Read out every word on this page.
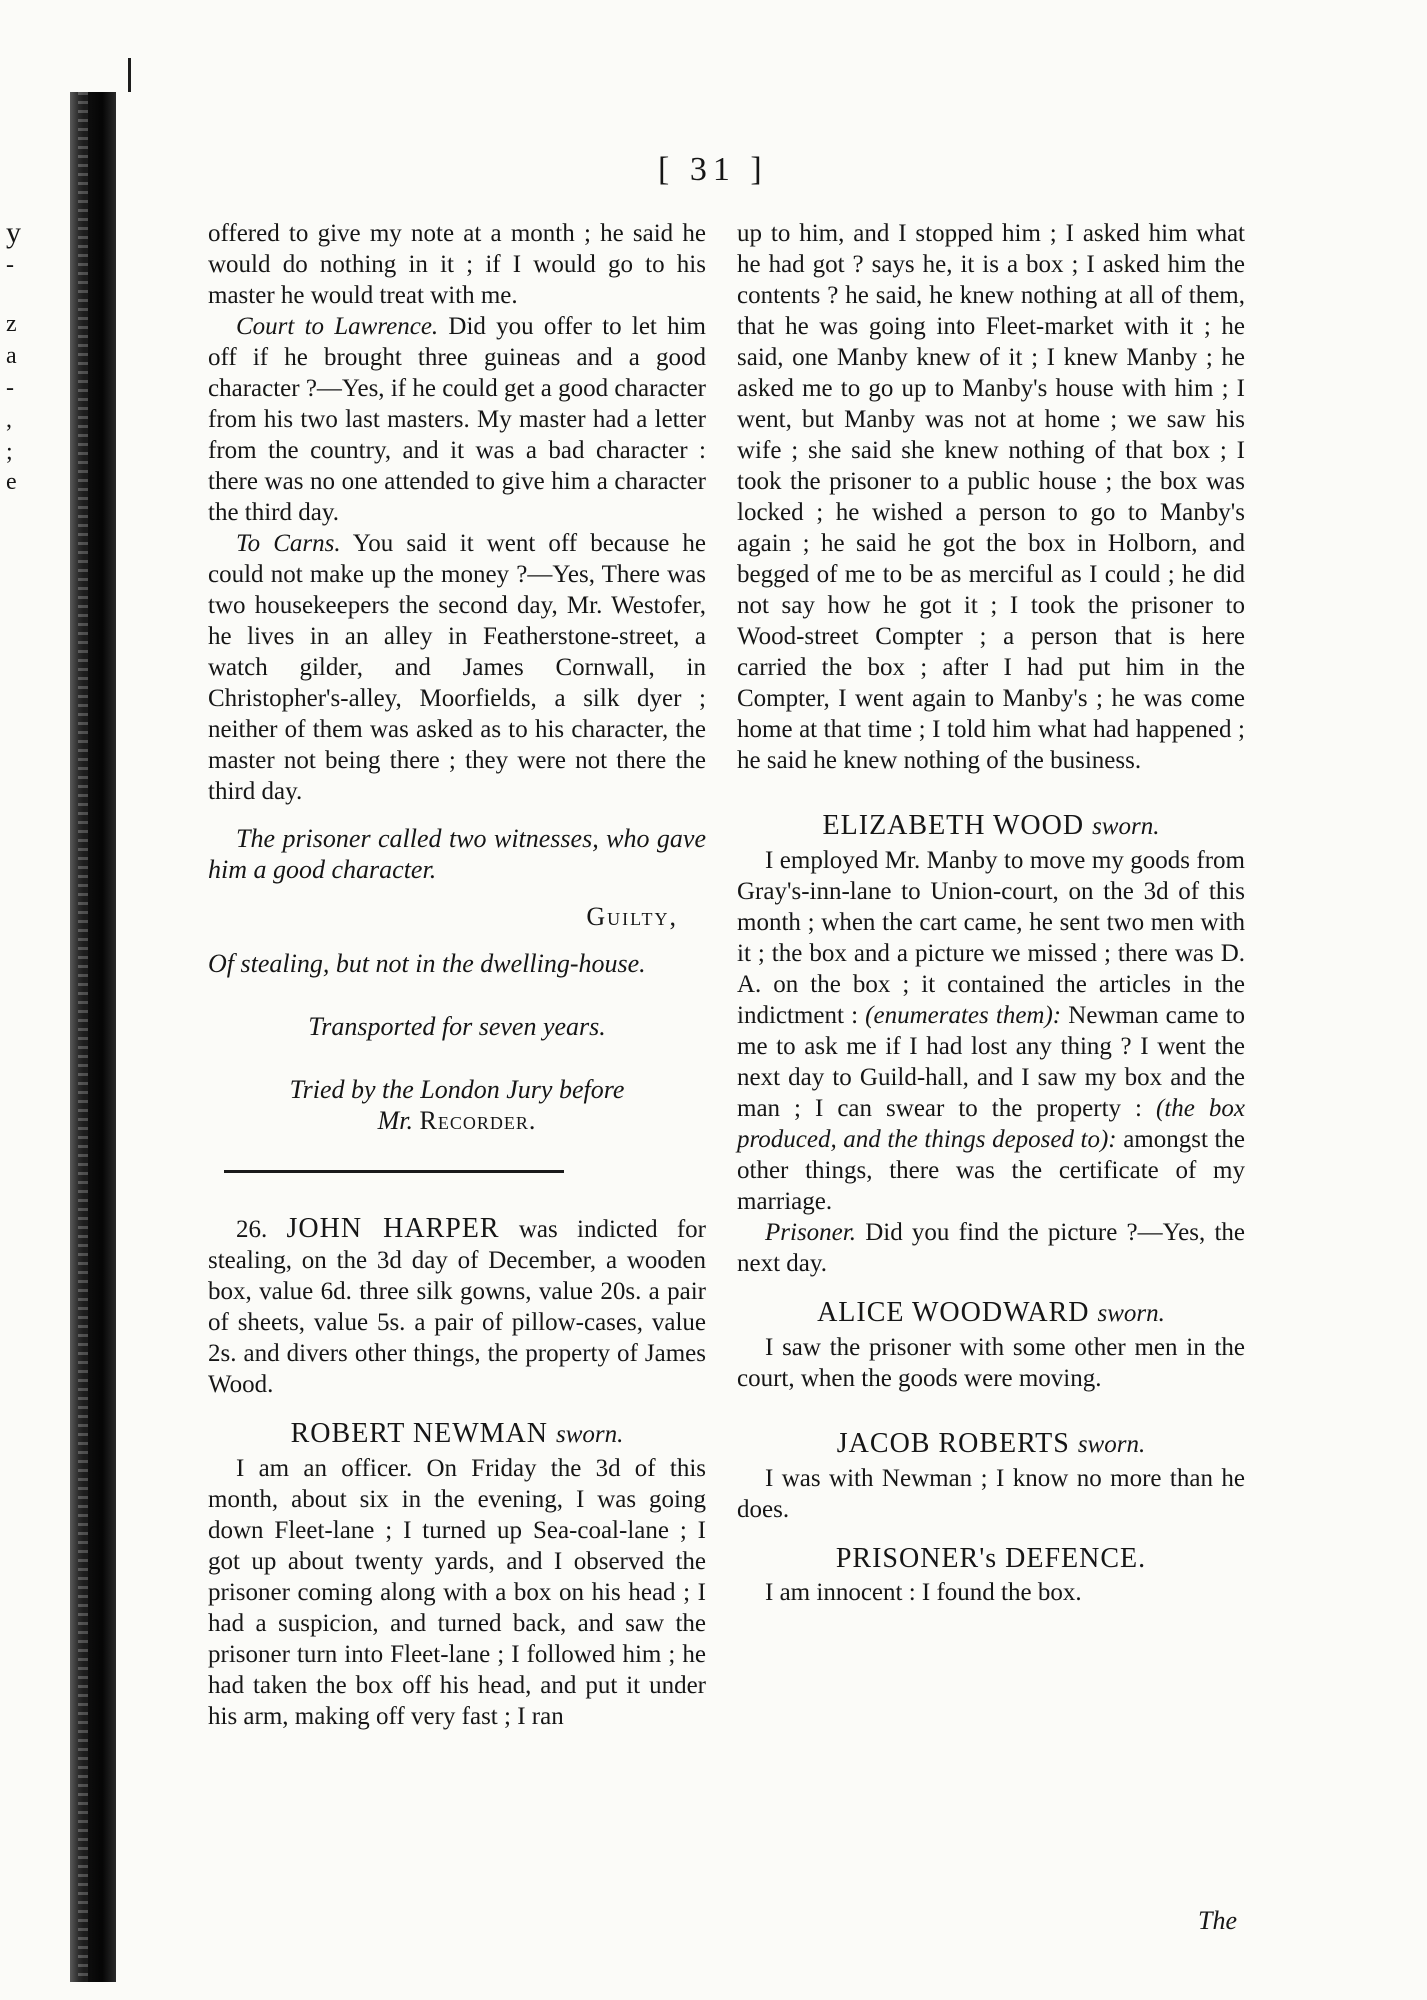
y
-
z
a
-
,
;
e
[ 31 ]

offered to give my note at a month ; he said he would do nothing in it ; if I would go to his master he would treat with me.

Court to Lawrence. Did you offer to let him off if he brought three guineas and a good character ?—Yes, if he could get a good character from his two last masters. My master had a letter from the country, and it was a bad character : there was no one attended to give him a character the third day.

To Carns. You said it went off because he could not make up the money ?—Yes, There was two housekeepers the second day, Mr. Westofer, he lives in an alley in Featherstone-street, a watch gilder, and James Cornwall, in Christopher's-alley, Moorfields, a silk dyer ; neither of them was asked as to his character, the master not being there ; they were not there the third day.

The prisoner called two witnesses, who gave him a good character.

Guilty,

Of stealing, but not in the dwelling-house.

Transported for seven years.

Tried by the London Jury before

Mr. Recorder.

26. JOHN HARPER was indicted for stealing, on the 3d day of December, a wooden box, value 6d. three silk gowns, value 20s. a pair of sheets, value 5s. a pair of pillow-cases, value 2s. and divers other things, the property of James Wood.

ROBERT NEWMAN sworn.

I am an officer. On Friday the 3d of this month, about six in the evening, I was going down Fleet-lane ; I turned up Sea-coal-lane ; I got up about twenty yards, and I observed the prisoner coming along with a box on his head ; I had a suspicion, and turned back, and saw the prisoner turn into Fleet-lane ; I followed him ; he had taken the box off his head, and put it under his arm, making off very fast ; I ran

up to him, and I stopped him ; I asked him what he had got ? says he, it is a box ; I asked him the contents ? he said, he knew nothing at all of them, that he was going into Fleet-market with it ; he said, one Manby knew of it ; I knew Manby ; he asked me to go up to Manby's house with him ; I went, but Manby was not at home ; we saw his wife ; she said she knew nothing of that box ; I took the prisoner to a public house ; the box was locked ; he wished a person to go to Manby's again ; he said he got the box in Holborn, and begged of me to be as merciful as I could ; he did not say how he got it ; I took the prisoner to Wood-street Compter ; a person that is here carried the box ; after I had put him in the Compter, I went again to Manby's ; he was come home at that time ; I told him what had happened ; he said he knew nothing of the business.

ELIZABETH WOOD sworn.

I employed Mr. Manby to move my goods from Gray's-inn-lane to Union-court, on the 3d of this month ; when the cart came, he sent two men with it ; the box and a picture we missed ; there was D. A. on the box ; it contained the articles in the indictment : (enumerates them): Newman came to me to ask me if I had lost any thing ? I went the next day to Guild-hall, and I saw my box and the man ; I can swear to the property : (the box produced, and the things deposed to): amongst the other things, there was the certificate of my marriage.

Prisoner. Did you find the picture ?—Yes, the next day.

ALICE WOODWARD sworn.

I saw the prisoner with some other men in the court, when the goods were moving.

JACOB ROBERTS sworn.

I was with Newman ; I know no more than he does.

PRISONER's DEFENCE.

I am innocent : I found the box.

The
